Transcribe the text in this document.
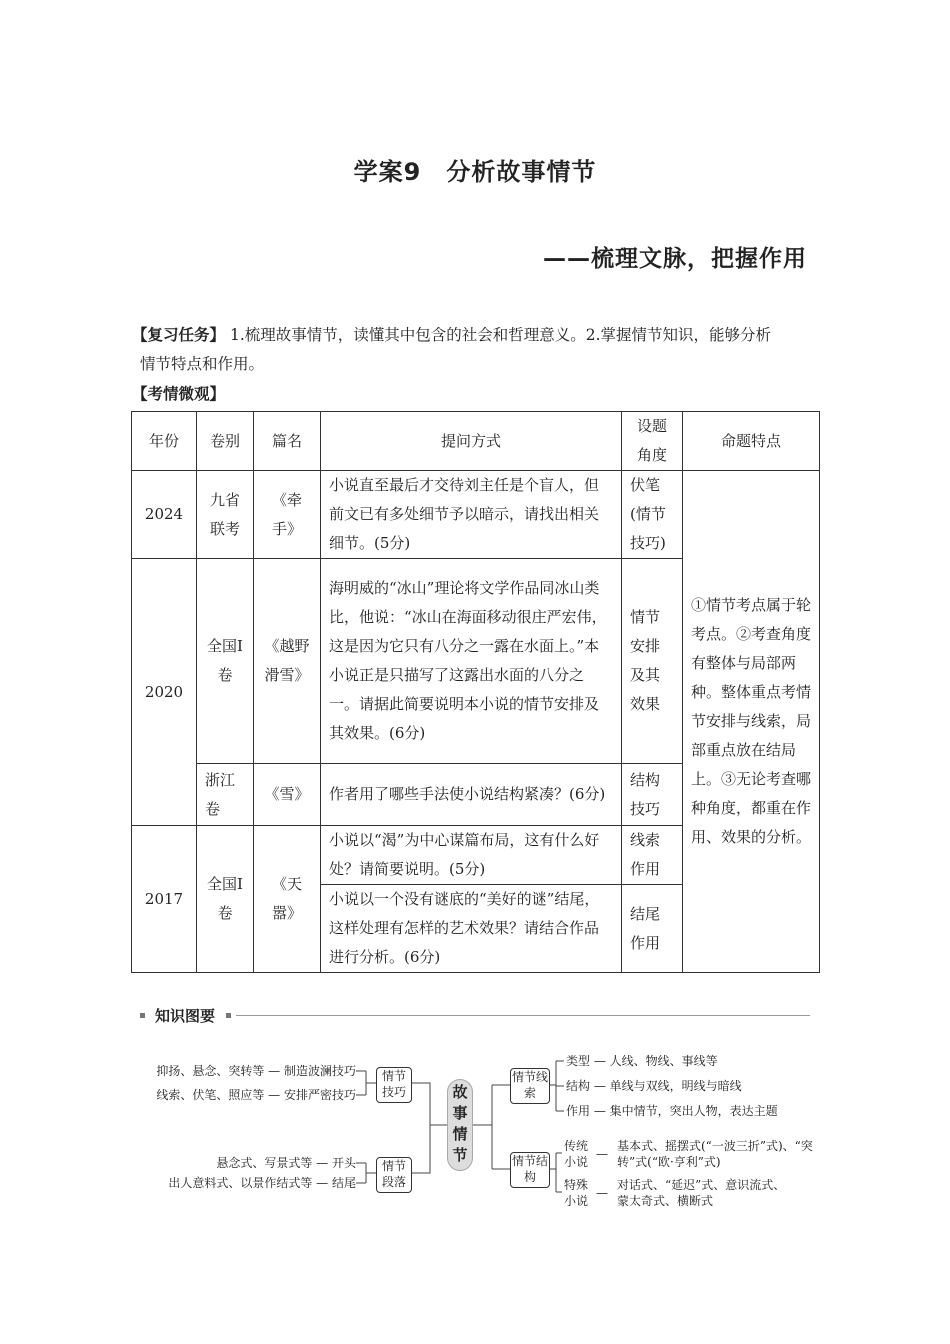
学案9　分析故事情节
——梳理文脉，把握作用
【复习任务】 1.梳理故事情节，读懂其中包含的社会和哲理意义。2.掌握情节知识，能够分析
情节特点和作用。
【考情微观】
年份	卷别	篇名	提问方式	设题角度	命题特点
2024	九省联考	《牵手》	小说直至最后才交待刘主任是个盲人，但前文已有多处细节予以暗示，请找出相关细节。(5分)	伏笔(情节技巧)	①情节考点属于轮考点。②考查角度有整体与局部两种。整体重点考情节安排与线索，局部重点放在结局上。③无论考查哪种角度，都重在作用、效果的分析。
2020	全国Ⅰ卷	《越野滑雪》	海明威的“冰山”理论将文学作品同冰山类比，他说：“冰山在海面移动很庄严宏伟，这是因为它只有八分之一露在水面上。”本小说正是只描写了这露出水面的八分之一。请据此简要说明本小说的情节安排及其效果。(6分)	情节安排及其效果	
	浙江卷	《雪》	作者用了哪些手法使小说结构紧凑？(6分)	结构技巧	
2017	全国Ⅰ卷	《天嚣》	小说以“渴”为中心谋篇布局，这有什么好处？请简要说明。(5分)	线索作用	
			小说以一个没有谜底的“美好的谜”结尾，这样处理有怎样的艺术效果？请结合作品进行分析。(6分)	结尾作用	
知识图要
抑扬、悬念、突转等 — 制造波澜技巧
线索、伏笔、照应等 — 安排严密技巧
情节技巧
悬念式、写景式等 — 开头
出人意料式、以景作结式等 — 结尾
情节段落
故事情节
情节线索
类型 — 人线、物线、事线等
结构 — 单线与双线，明线与暗线
作用 — 集中情节，突出人物，表达主题
情节结构
传统小说
—
基本式、摇摆式(“一波三折”式)、“突转”式(“欧·亨利”式)
特殊小说
—
对话式、“延迟”式、意识流式、蒙太奇式、横断式
